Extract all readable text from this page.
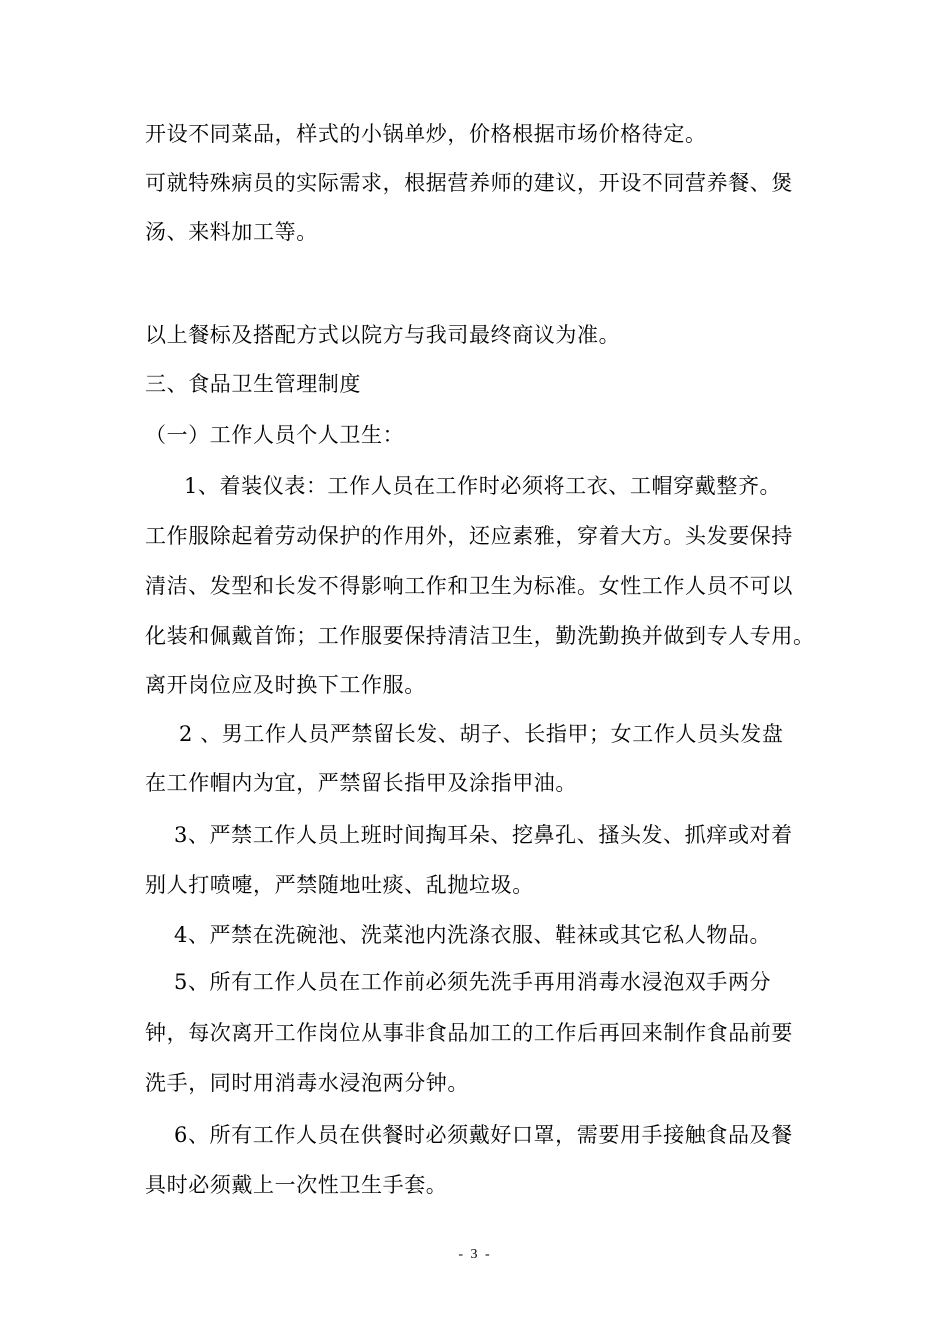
开设不同菜品，样式的小锅单炒，价格根据市场价格待定。
可就特殊病员的实际需求，根据营养师的建议，开设不同营养餐、煲
汤、来料加工等。
以上餐标及搭配方式以院方与我司最终商议为准。
三、食品卫生管理制度
（一）工作人员个人卫生：
1、着装仪表：工作人员在工作时必须将工衣、工帽穿戴整齐。
工作服除起着劳动保护的作用外，还应素雅，穿着大方。头发要保持
清洁、发型和长发不得影响工作和卫生为标准。女性工作人员不可以
化装和佩戴首饰；工作服要保持清洁卫生，勤洗勤换并做到专人专用。
离开岗位应及时换下工作服。
2 、男工作人员严禁留长发、胡子、长指甲；女工作人员头发盘
在工作帽内为宜，严禁留长指甲及涂指甲油。
3、严禁工作人员上班时间掏耳朵、挖鼻孔、搔头发、抓痒或对着
别人打喷嚏，严禁随地吐痰、乱抛垃圾。
4、严禁在洗碗池、洗菜池内洗涤衣服、鞋袜或其它私人物品。
5、所有工作人员在工作前必须先洗手再用消毒水浸泡双手两分
钟，每次离开工作岗位从事非食品加工的工作后再回来制作食品前要
洗手，同时用消毒水浸泡两分钟。
6、所有工作人员在供餐时必须戴好口罩，需要用手接触食品及餐
具时必须戴上一次性卫生手套。
- 3 -
